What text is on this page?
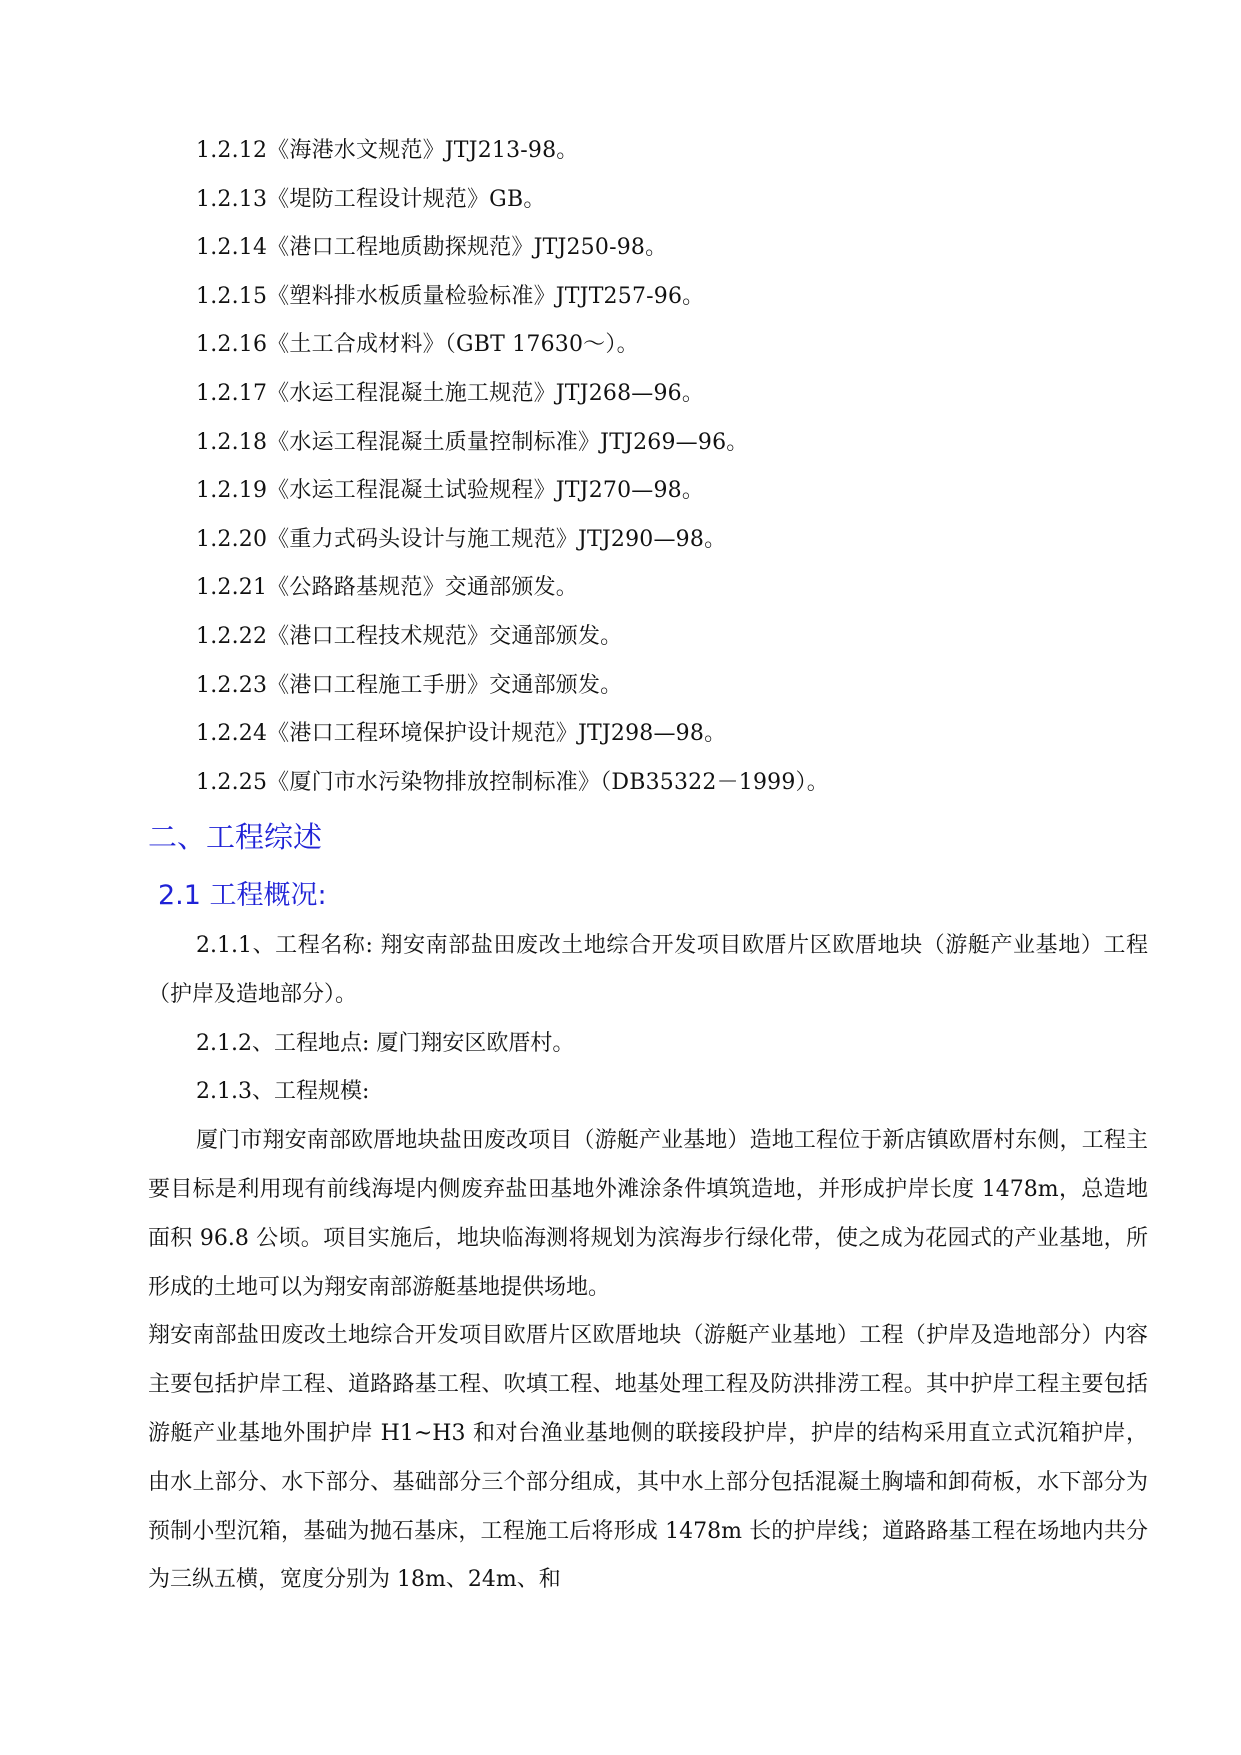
1.2.12《海港水文规范》JTJ213-98。
1.2.13《堤防工程设计规范》GB。
1.2.14《港口工程地质勘探规范》JTJ250-98。
1.2.15《塑料排水板质量检验标准》JTJT257-96。
1.2.16《土工合成材料》（GBT 17630～）。
1.2.17《水运工程混凝土施工规范》JTJ268—96。
1.2.18《水运工程混凝土质量控制标准》JTJ269—96。
1.2.19《水运工程混凝土试验规程》JTJ270—98。
1.2.20《重力式码头设计与施工规范》JTJ290—98。
1.2.21《公路路基规范》交通部颁发。
1.2.22《港口工程技术规范》交通部颁发。
1.2.23《港口工程施工手册》交通部颁发。
1.2.24《港口工程环境保护设计规范》JTJ298—98。
1.2.25《厦门市水污染物排放控制标准》（DB35322－1999）。
二、工程综述
2.1 工程概况:

2.1.1、工程名称: 翔安南部盐田废改土地综合开发项目欧厝片区欧厝地块（游艇产业基地）工程（护岸及造地部分）。

2.1.2、工程地点: 厦门翔安区欧厝村。

2.1.3、工程规模:

厦门市翔安南部欧厝地块盐田废改项目（游艇产业基地）造地工程位于新店镇欧厝村东侧，工程主要目标是利用现有前线海堤内侧废弃盐田基地外滩涂条件填筑造地，并形成护岸长度 1478m，总造地面积 96.8 公顷。项目实施后，地块临海测将规划为滨海步行绿化带，使之成为花园式的产业基地，所形成的土地可以为翔安南部游艇基地提供场地。

翔安南部盐田废改土地综合开发项目欧厝片区欧厝地块（游艇产业基地）工程（护岸及造地部分）内容主要包括护岸工程、道路路基工程、吹填工程、地基处理工程及防洪排涝工程。其中护岸工程主要包括游艇产业基地外围护岸 H1~H3 和对台渔业基地侧的联接段护岸，护岸的结构采用直立式沉箱护岸，由水上部分、水下部分、基础部分三个部分组成，其中水上部分包括混凝土胸墙和卸荷板，水下部分为预制小型沉箱，基础为抛石基床，工程施工后将形成 1478m 长的护岸线；道路路基工程在场地内共分为三纵五横，宽度分别为 18m、24m、和
